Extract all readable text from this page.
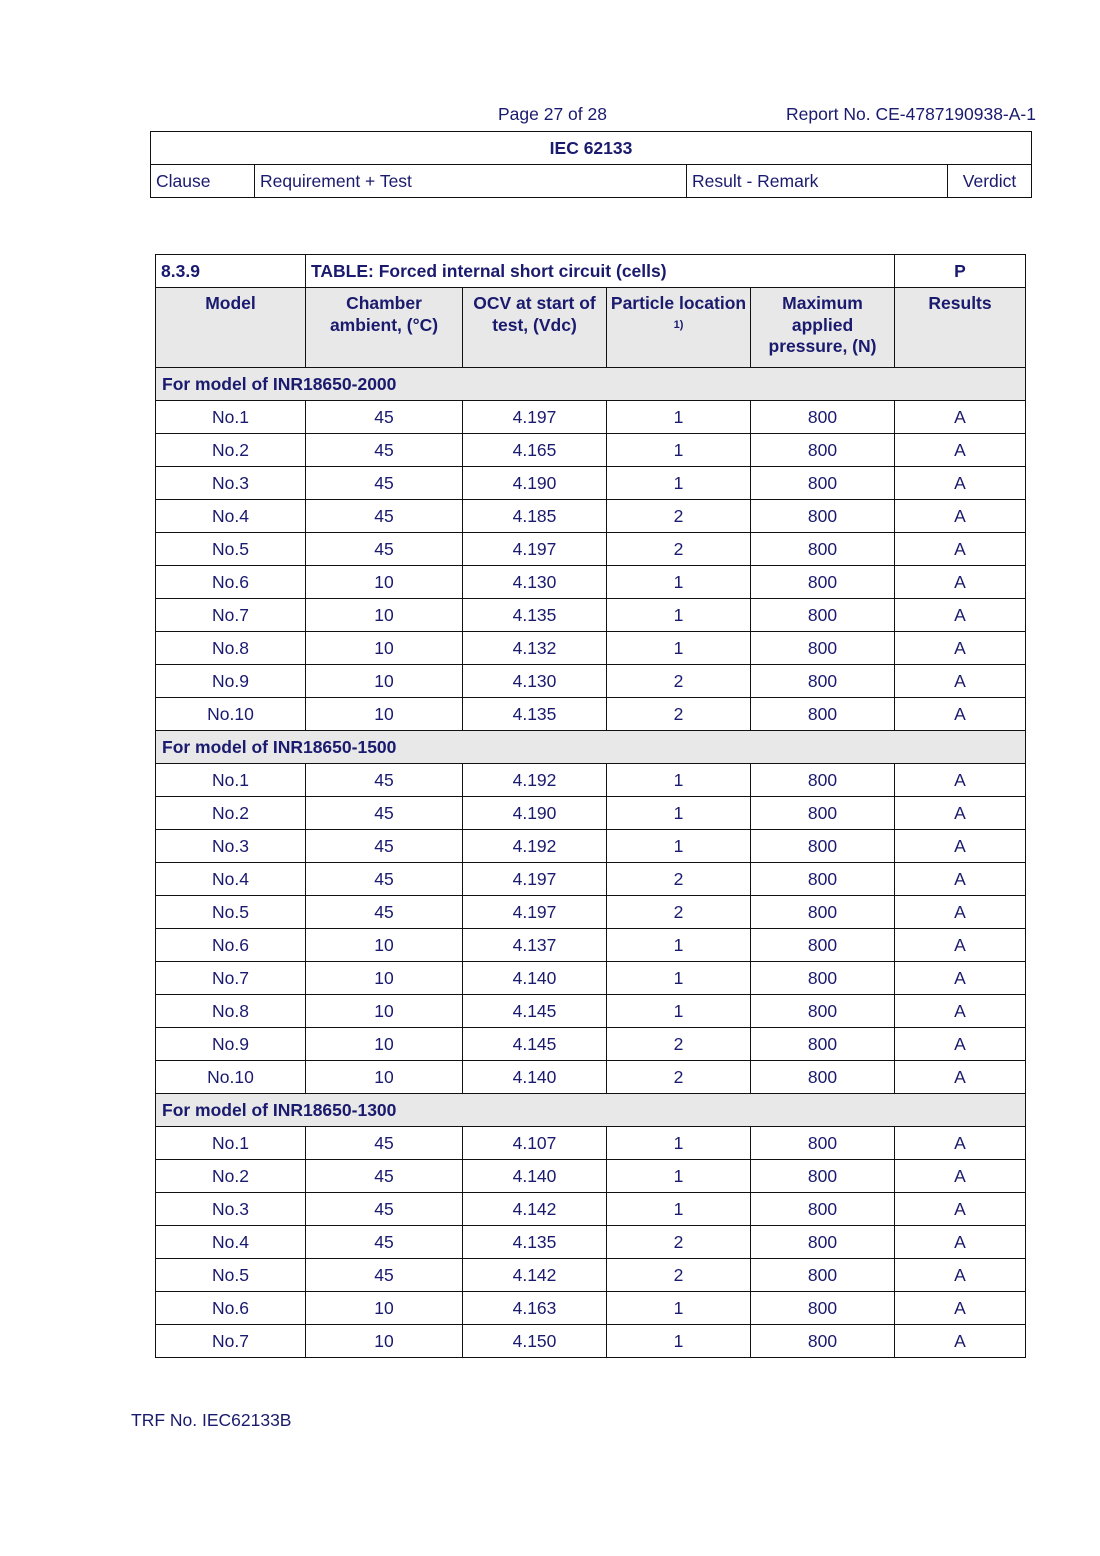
Page 27 of 28	Report No. CE-4787190938-A-1
IEC 62133
Clause	Requirement + Test	Result - Remark	Verdict
8.3.9	TABLE: Forced internal short circuit (cells)				P
Model	Chamber ambient, (°C)	OCV at start of test, (Vdc)	Particle location $^{1)}$	Maximum applied pressure, (N)	Results
For model of INR18650-2000					
No.1	45	4.197	1	800	A
No.2	45	4.165	1	800	A
No.3	45	4.190	1	800	A
No.4	45	4.185	2	800	A
No.5	45	4.197	2	800	A
No.6	10	4.130	1	800	A
No.7	10	4.135	1	800	A
No.8	10	4.132	1	800	A
No.9	10	4.130	2	800	A
No.10	10	4.135	2	800	A
For model of INR18650-1500					
No.1	45	4.192	1	800	A
No.2	45	4.190	1	800	A
No.3	45	4.192	1	800	A
No.4	45	4.197	2	800	A
No.5	45	4.197	2	800	A
No.6	10	4.137	1	800	A
No.7	10	4.140	1	800	A
No.8	10	4.145	1	800	A
No.9	10	4.145	2	800	A
No.10	10	4.140	2	800	A
For model of INR18650-1300					
No.1	45	4.107	1	800	A
No.2	45	4.140	1	800	A
No.3	45	4.142	1	800	A
No.4	45	4.135	2	800	A
No.5	45	4.142	2	800	A
No.6	10	4.163	1	800	A
No.7	10	4.150	1	800	A
TRF No. IEC62133B
